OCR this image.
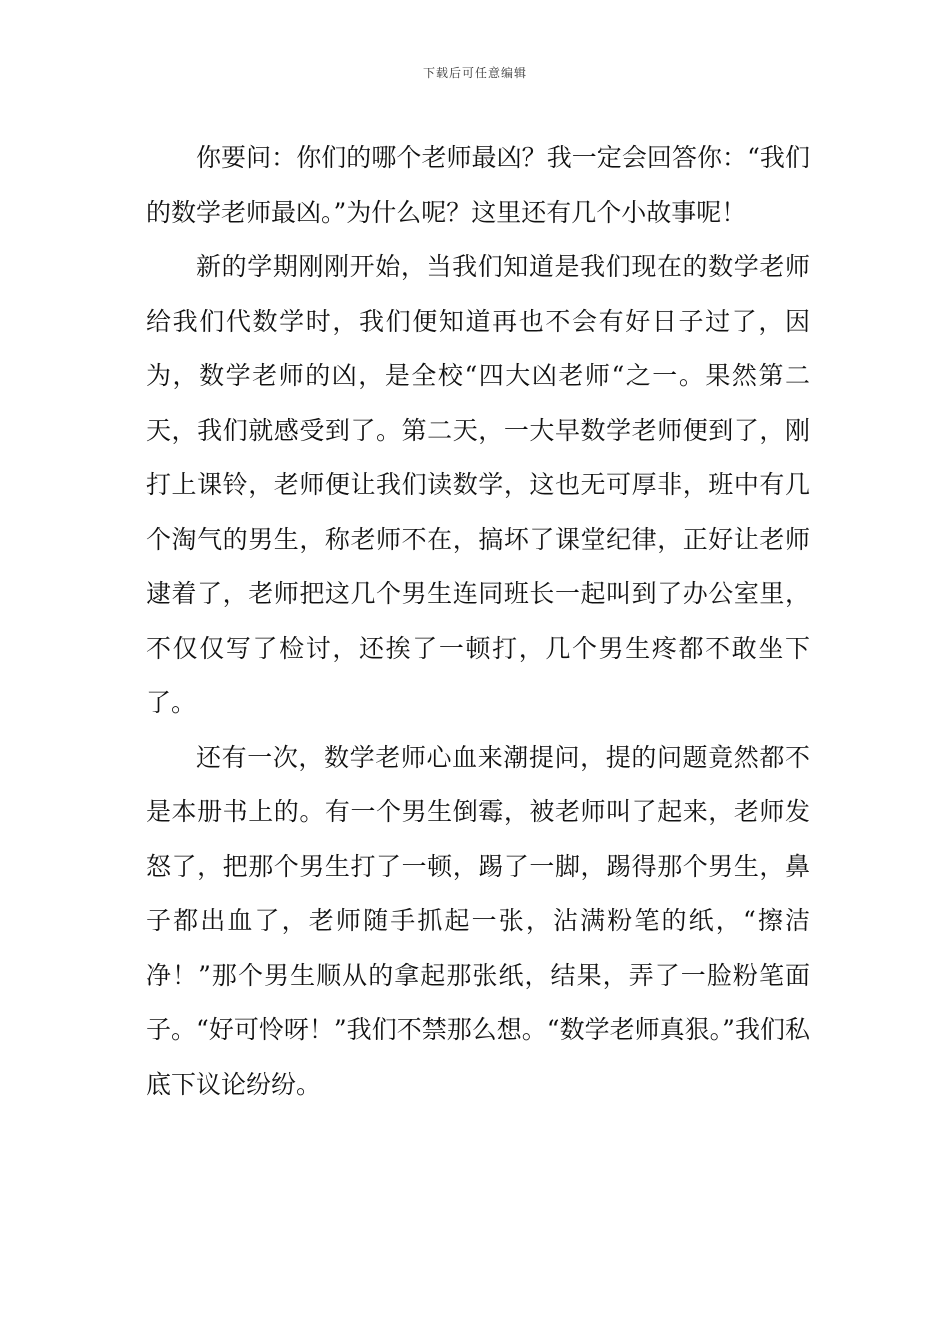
下载后可任意编辑

你要问：你们的哪个老师最凶？我一定会回答你：“我们的数学老师最凶。”为什么呢？这里还有几个小故事呢！

新的学期刚刚开始，当我们知道是我们现在的数学老师给我们代数学时，我们便知道再也不会有好日子过了，因为，数学老师的凶，是全校“四大凶老师“之一。果然第二天，我们就感受到了。第二天，一大早数学老师便到了，刚打上课铃，老师便让我们读数学，这也无可厚非，班中有几个淘气的男生，称老师不在，搞坏了课堂纪律，正好让老师逮着了，老师把这几个男生连同班长一起叫到了办公室里，不仅仅写了检讨，还挨了一顿打，几个男生疼都不敢坐下了。

还有一次，数学老师心血来潮提问，提的问题竟然都不是本册书上的。有一个男生倒霉，被老师叫了起来，老师发怒了，把那个男生打了一顿，踢了一脚，踢得那个男生，鼻子都出血了，老师随手抓起一张，沾满粉笔的纸，“擦洁净！”那个男生顺从的拿起那张纸，结果，弄了一脸粉笔面子。“好可怜呀！”我们不禁那么想。“数学老师真狠。”我们私底下议论纷纷。
